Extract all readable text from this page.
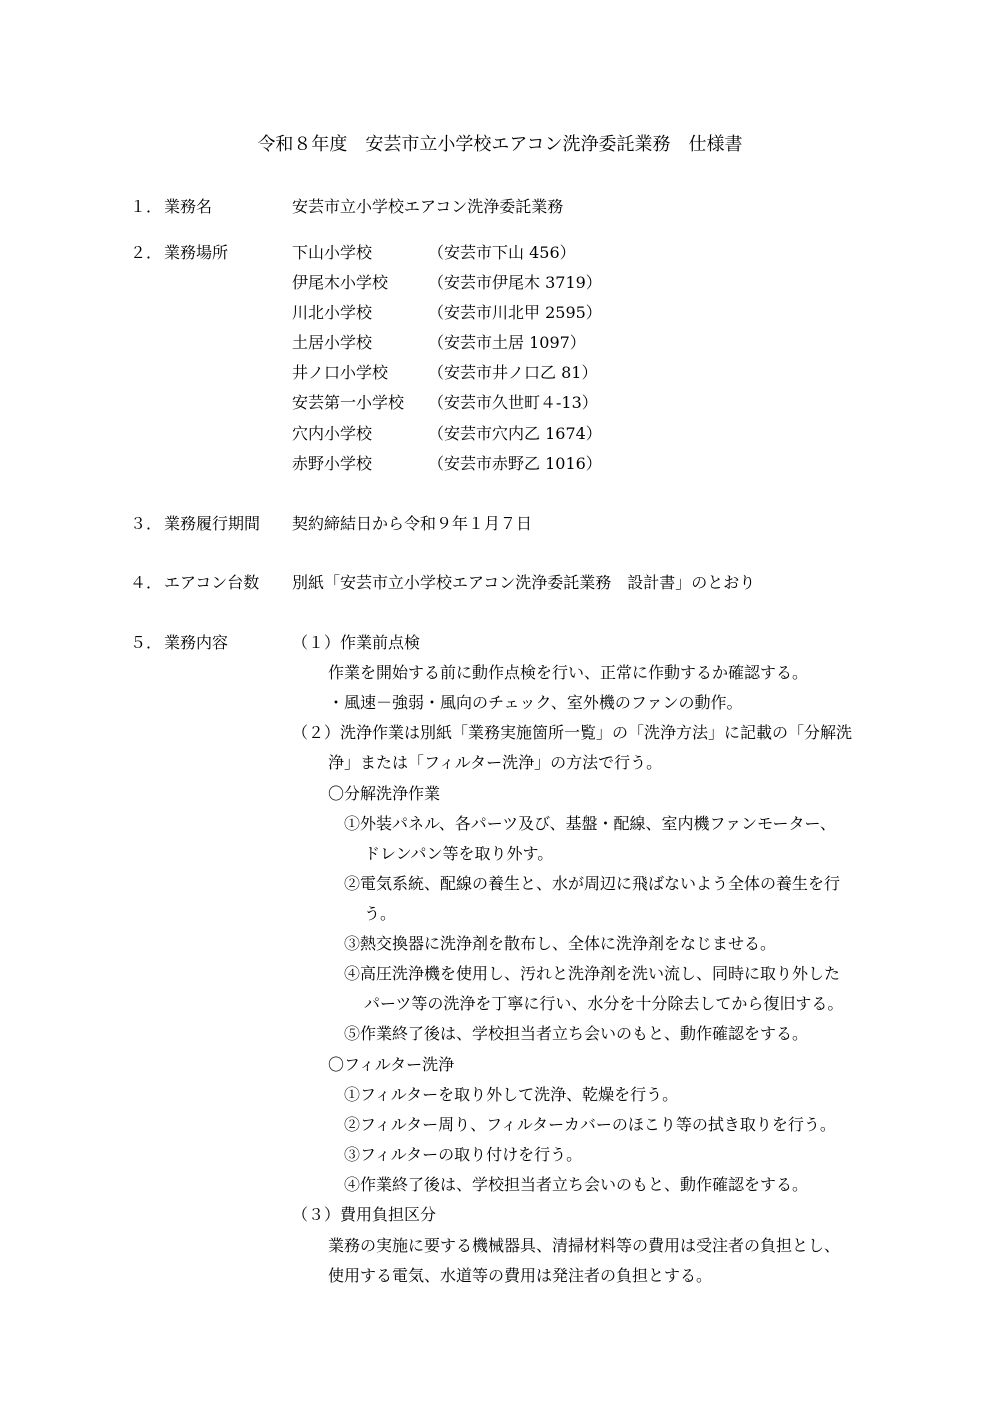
令和８年度　安芸市立小学校エアコン洗浄委託業務　仕様書
１． 業務名	安芸市立小学校エアコン洗浄委託業務
２． 業務場所	下山小学校	（安芸市下山 456）
伊尾木小学校 （安芸市伊尾木 3719）
川北小学校	（安芸市川北甲 2595）
土居小学校	（安芸市土居 1097）
井ノ口小学校 （安芸市井ノ口乙 81）
安芸第一小学校 （安芸市久世町４-13）
穴内小学校	（安芸市穴内乙 1674）
赤野小学校	（安芸市赤野乙 1016）
３． 業務履行期間 契約締結日から令和９年１月７日
４． エアコン台数 別紙「安芸市立小学校エアコン洗浄委託業務　設計書」のとおり
５． 業務内容	（１）作業前点検
作業を開始する前に動作点検を行い、正常に作動するか確認する。
・風速－強弱・風向のチェック、室外機のファンの動作。
（２）洗浄作業は別紙「業務実施箇所一覧」の「洗浄方法」に記載の「分解洗
浄」または「フィルター洗浄」の方法で行う。
〇分解洗浄作業
①外装パネル、各パーツ及び、基盤・配線、室内機ファンモーター、
ドレンパン等を取り外す。
②電気系統、配線の養生と、水が周辺に飛ばないよう全体の養生を行
う。
③熱交換器に洗浄剤を散布し、全体に洗浄剤をなじませる。
④高圧洗浄機を使用し、汚れと洗浄剤を洗い流し、同時に取り外した
パーツ等の洗浄を丁寧に行い、水分を十分除去してから復旧する。
⑤作業終了後は、学校担当者立ち会いのもと、動作確認をする。
〇フィルター洗浄
①フィルターを取り外して洗浄、乾燥を行う。
②フィルター周り、フィルターカバーのほこり等の拭き取りを行う。
③フィルターの取り付けを行う。
④作業終了後は、学校担当者立ち会いのもと、動作確認をする。
（３）費用負担区分
業務の実施に要する機械器具、清掃材料等の費用は受注者の負担とし、
使用する電気、水道等の費用は発注者の負担とする。
